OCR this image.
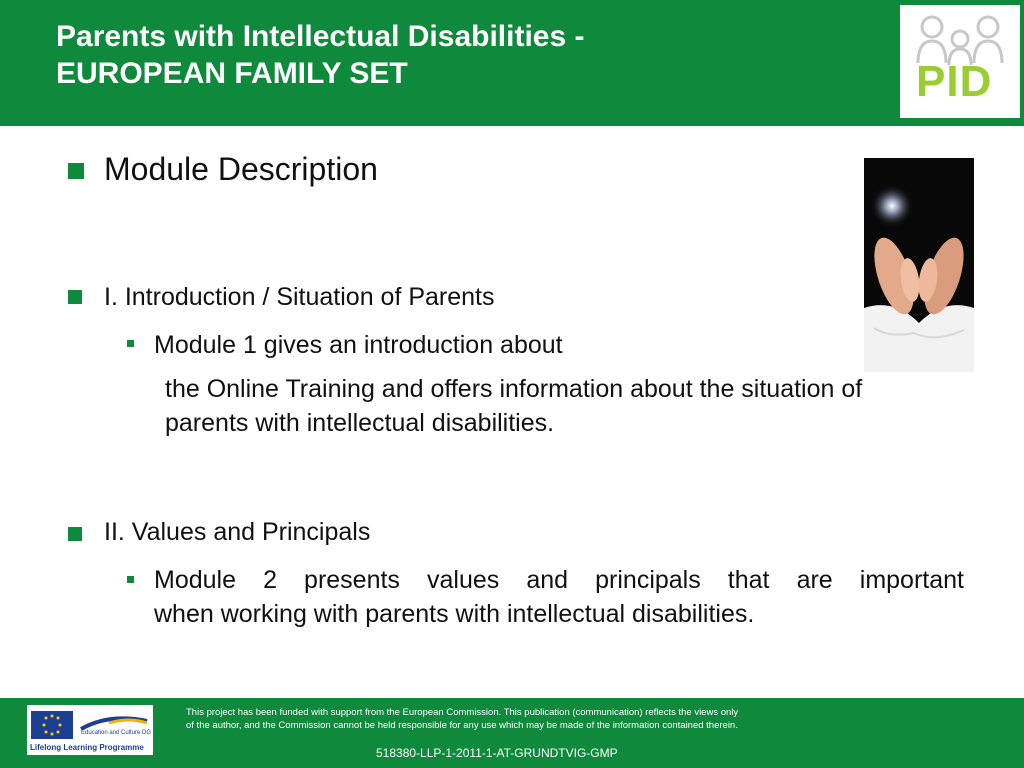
Parents with Intellectual Disabilities -
EUROPEAN FAMILY SET	PID
Module Description
I. Introduction / Situation of Parents
Module 1 gives an introduction about
the Online Training and offers information about the situation of
parents with intellectual disabilities.
II. Values and Principals
Module 2 presents values and principals that are important
when working with parents with intellectual disabilities.
Education and Culture DG
Lifelong Learning Programme
This project has been funded with support from the European Commission. This publication (communication) reflects the views only
of the author, and the Commission cannot be held responsible for any use which may be made of the information contained therein.
518380-LLP-1-2011-1-AT-GRUNDTVIG-GMP
